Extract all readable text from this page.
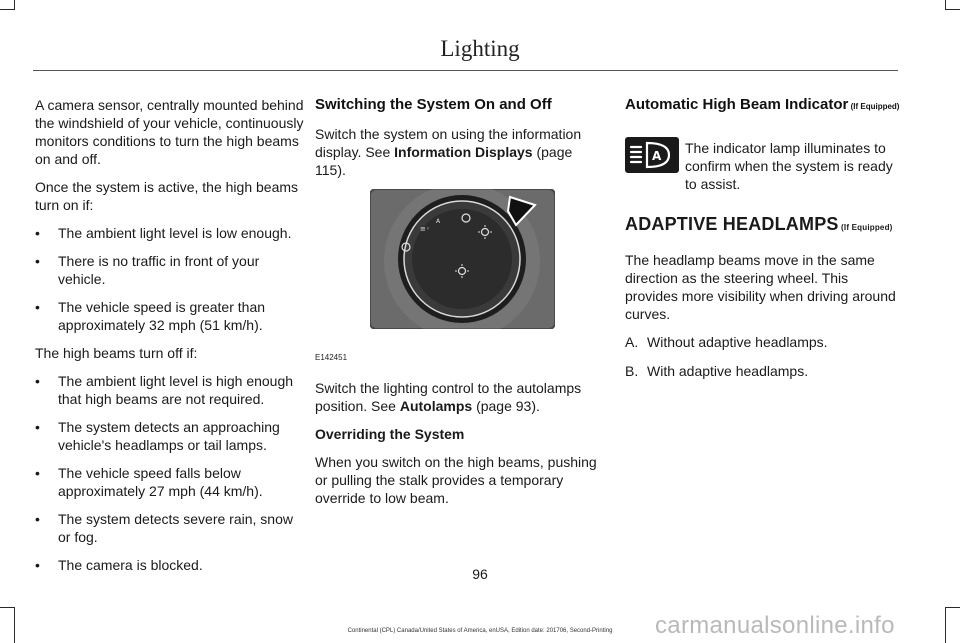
Lighting

A camera sensor, centrally mounted behind the windshield of your vehicle, continuously monitors conditions to turn the high beams on and off.

Once the system is active, the high beams turn on if:

• The ambient light level is low enough.
• There is no traffic in front of your vehicle.
• The vehicle speed is greater than approximately 32 mph (51 km/h).

The high beams turn off if:

• The ambient light level is high enough that high beams are not required.
• The system detects an approaching vehicle's headlamps or tail lamps.
• The vehicle speed falls below approximately 27 mph (44 km/h).
• The system detects severe rain, snow or fog.
• The camera is blocked.
Switching the System On and Off

Switch the system on using the information display. See Information Displays (page 115).

≡◦
A
E142451

Switch the lighting control to the autolamps position. See Autolamps (page 93).

Overriding the System

When you switch on the high beams, pushing or pulling the stalk provides a temporary override to low beam.

Automatic High Beam Indicator (If Equipped)
A The indicator lamp illuminates to confirm when the system is ready to assist.

ADAPTIVE HEADLAMPS (If Equipped)

The headlamp beams move in the same direction as the steering wheel. This provides more visibility when driving around curves.

A. Without adaptive headlamps.
B. With adaptive headlamps.
96
Continental (CPL) Canada/United States of America, enUSA, Edition date: 201706, Second-Printing	carmanualsonline.info
